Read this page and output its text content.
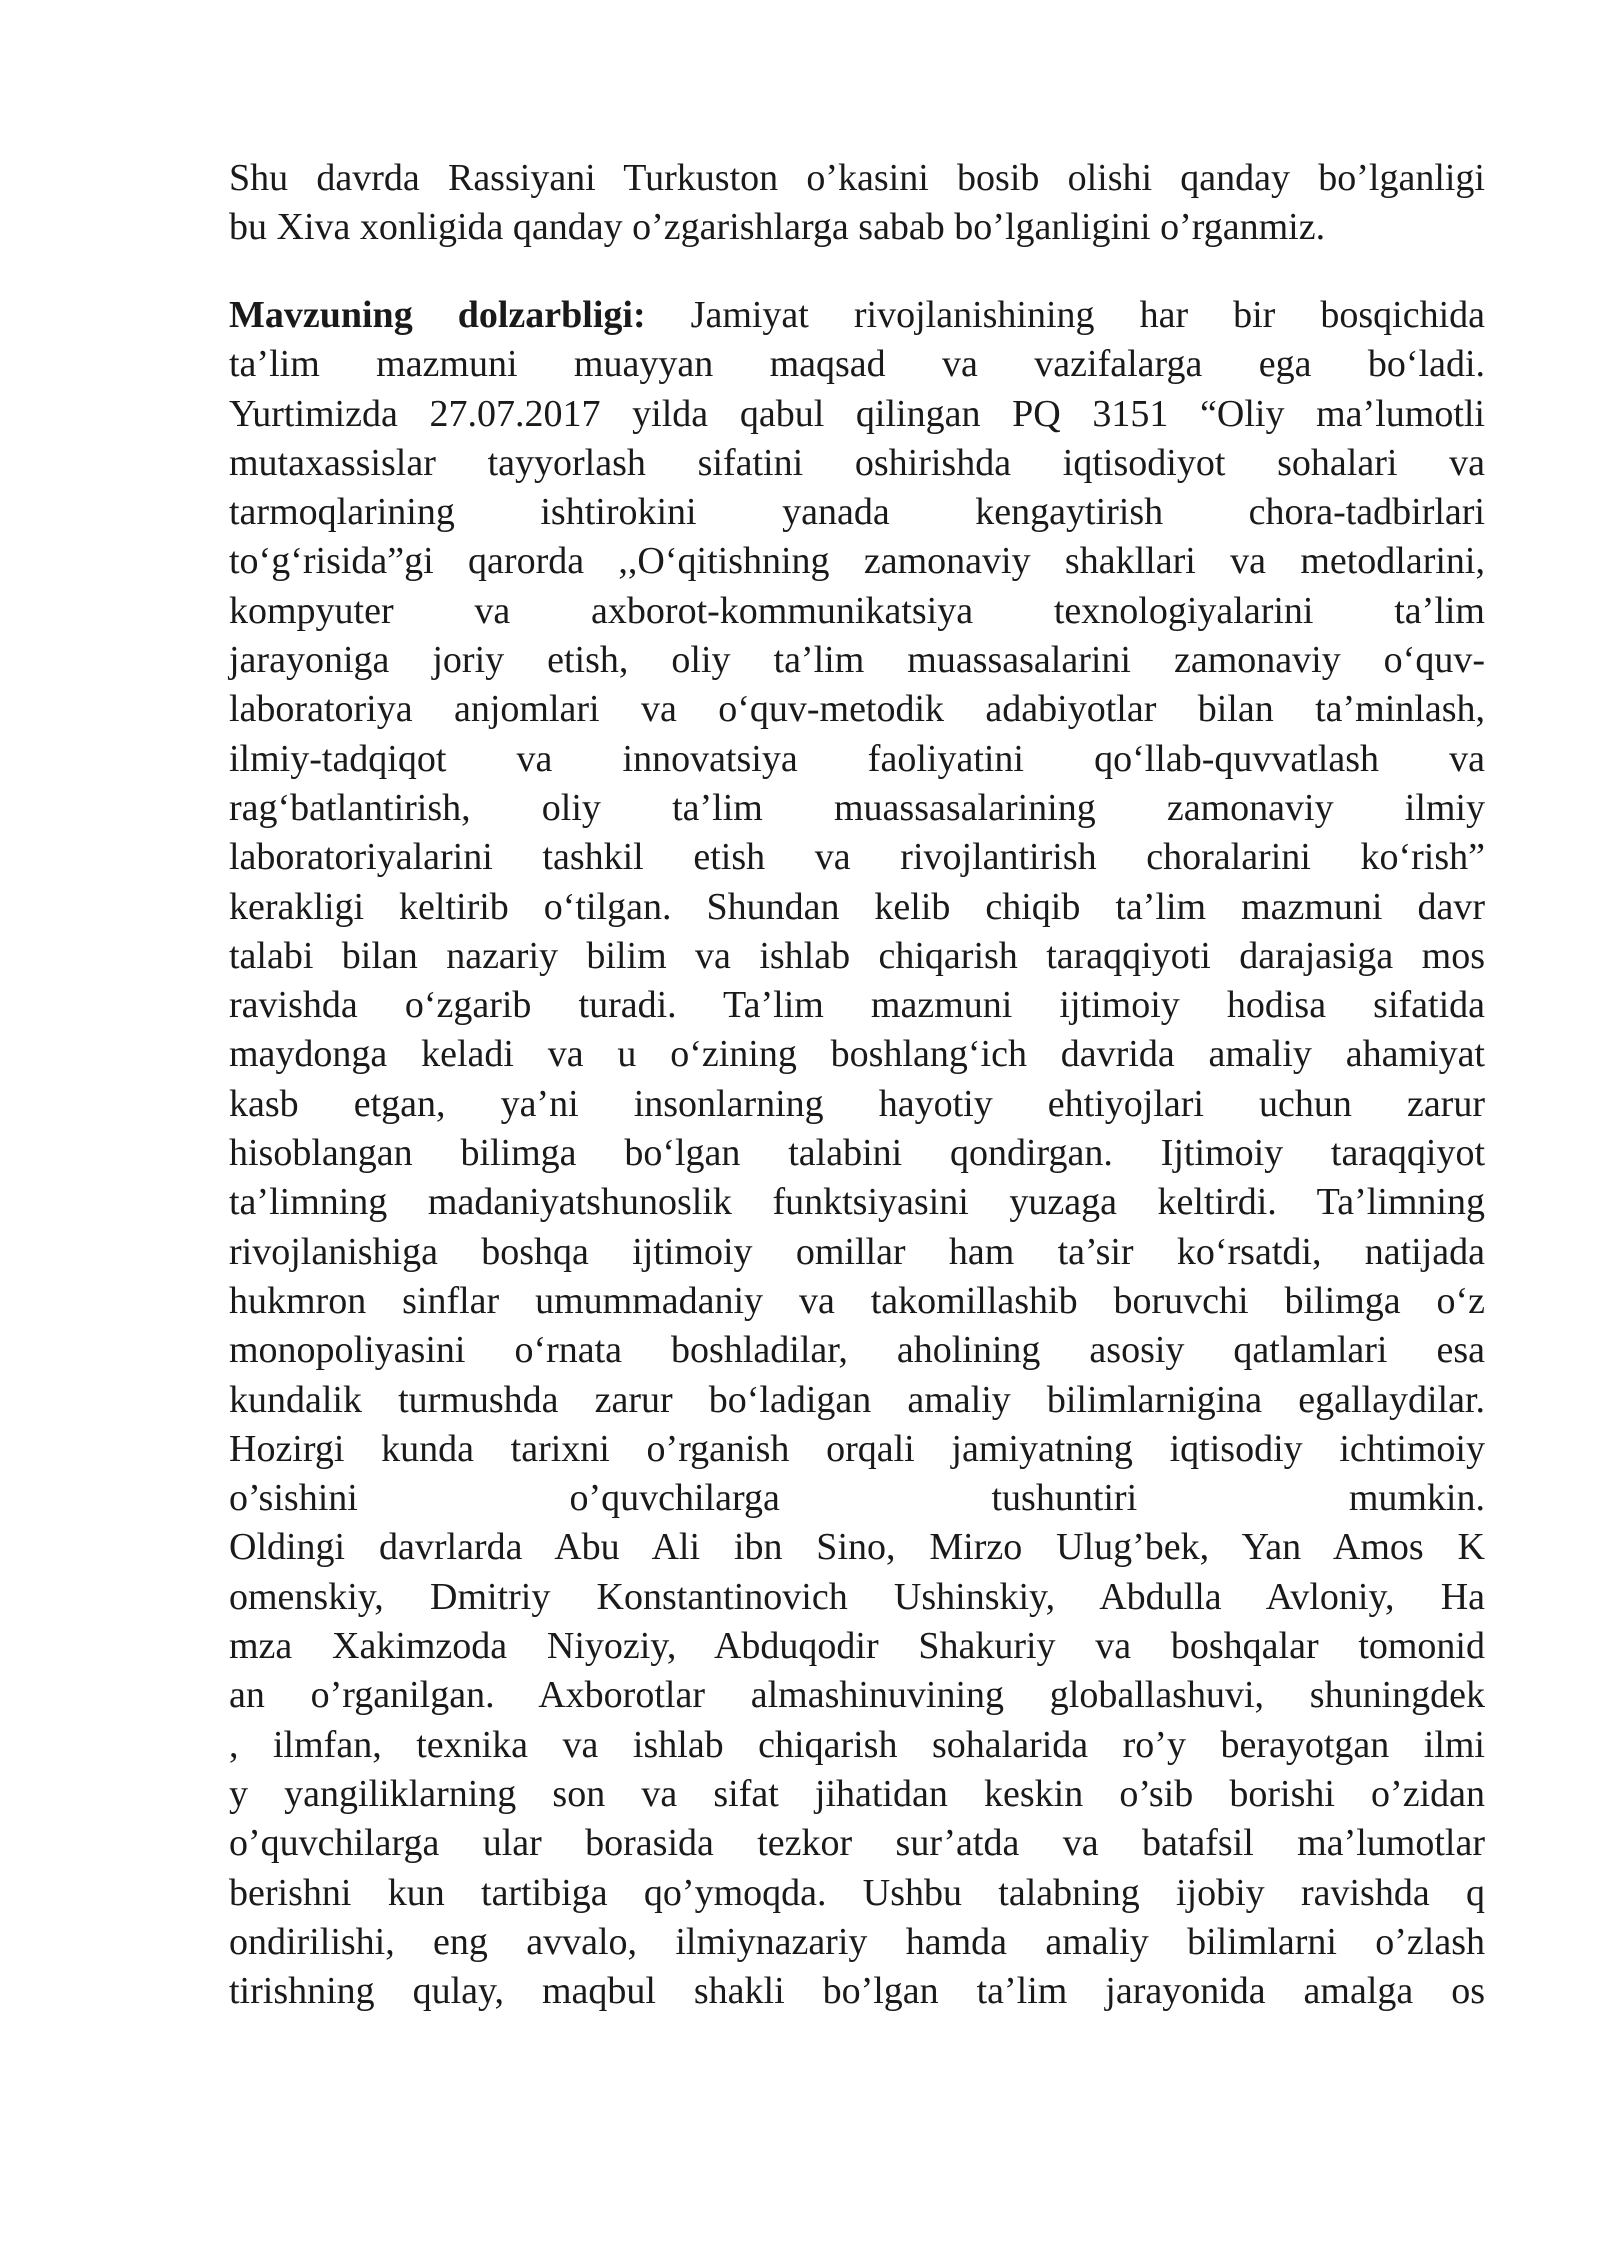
Shu davrda Rassiyani Turkuston o’kasini bosib olishi qanday bo’lganligi
bu Xiva xonligida qanday o’zgarishlarga sabab bo’lganligini o’rganmiz.
Mavzuning dolzarbligi: Jamiyat rivojlanishining har bir bosqichida
ta’lim mazmuni muayyan maqsad va vazifalarga ega bo‘ladi.
Yurtimizda 27.07.2017 yilda qabul qilingan PQ 3151 “Oliy ma’lumotli
mutaxassislar tayyorlash sifatini oshirishda iqtisodiyot sohalari va
tarmoqlarining ishtirokini yanada kengaytirish chora-tadbirlari
to‘g‘risida”gi qarorda ,,O‘qitishning zamonaviy shakllari va metodlarini,
kompyuter va axborot-kommunikatsiya texnologiyalarini ta’lim
jarayoniga joriy etish, oliy ta’lim muassasalarini zamonaviy o‘quv-
laboratoriya anjomlari va o‘quv-metodik adabiyotlar bilan ta’minlash,
ilmiy-tadqiqot va innovatsiya faoliyatini qo‘llab-quvvatlash va
rag‘batlantirish, oliy ta’lim muassasalarining zamonaviy ilmiy
laboratoriyalarini tashkil etish va rivojlantirish choralarini ko‘rish”
kerakligi keltirib o‘tilgan. Shundan kelib chiqib ta’lim mazmuni davr
talabi bilan nazariy bilim va ishlab chiqarish taraqqiyoti darajasiga mos
ravishda o‘zgarib turadi. Ta’lim mazmuni ijtimoiy hodisa sifatida
maydonga keladi va u o‘zining boshlang‘ich davrida amaliy ahamiyat
kasb etgan, ya’ni insonlarning hayotiy ehtiyojlari uchun zarur
hisoblangan bilimga bo‘lgan talabini qondirgan. Ijtimoiy taraqqiyot
ta’limning madaniyatshunoslik funktsiyasini yuzaga keltirdi. Ta’limning
rivojlanishiga boshqa ijtimoiy omillar ham ta’sir ko‘rsatdi, natijada
hukmron sinflar umummadaniy va takomillashib boruvchi bilimga o‘z
monopoliyasini o‘rnata boshladilar, aholining asosiy qatlamlari esa
kundalik turmushda zarur bo‘ladigan amaliy bilimlarnigina egallaydilar.
Hozirgi kunda tarixni o’rganish orqali jamiyatning iqtisodiy ichtimoiy
o’sishini o’quvchilarga tushuntiri mumkin.
Oldingi davrlarda Abu Ali ibn Sino, Mirzo Ulug’bek, Yan Amos K
omenskiy, Dmitriy Konstantinovich Ushinskiy, Abdulla Avloniy, Ha
mza Xakimzoda Niyoziy, Abduqodir Shakuriy va boshqalar tomonid
an o’rganilgan. Axborotlar almashinuvining globallashuvi, shuningdek
, ilmfan, texnika va ishlab chiqarish sohalarida ro’y berayotgan ilmi
y yangiliklarning son va sifat jihatidan keskin o’sib borishi o’zidan
o’quvchilarga ular borasida tezkor sur’atda va batafsil ma’lumotlar
berishni kun tartibiga qo’ymoqda. Ushbu talabning ijobiy ravishda q
ondirilishi, eng avvalo, ilmiynazariy hamda amaliy bilimlarni o’zlash
tirishning qulay, maqbul shakli bo’lgan ta’lim jarayonida amalga os
